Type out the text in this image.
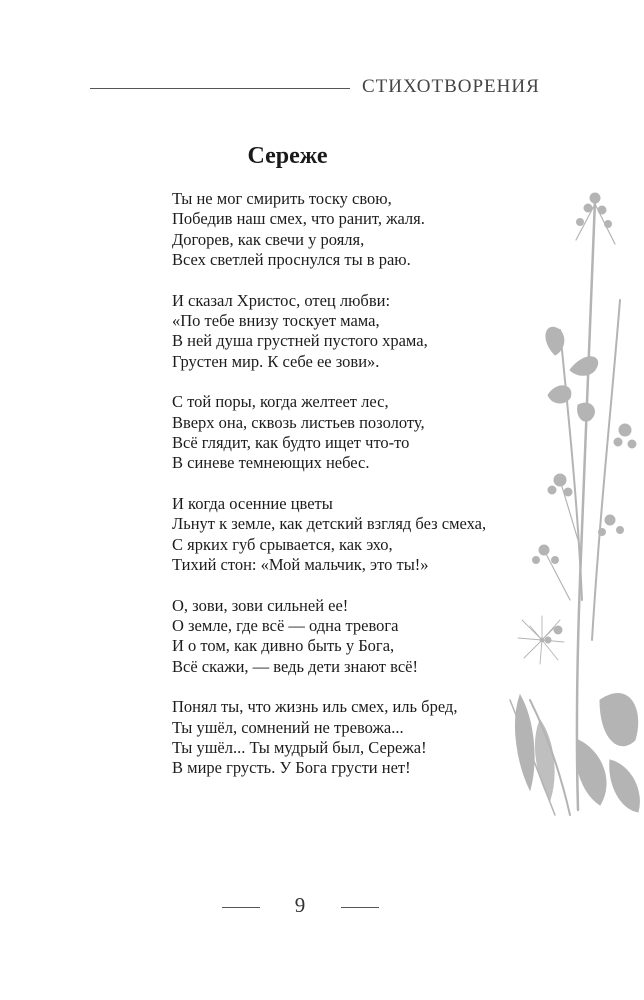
СТИХОТВОРЕНИЯ
Сереже
Ты не мог смирить тоску свою,
Победив наш смех, что ранит, жаля.
Догорев, как свечи у рояля,
Всех светлей проснулся ты в раю.
И сказал Христос, отец любви:
«По тебе внизу тоскует мама,
В ней душа грустней пустого храма,
Грустен мир. К себе ее зови».
С той поры, когда желтеет лес,
Вверх она, сквозь листьев позолоту,
Всё глядит, как будто ищет что-то
В синеве темнеющих небес.
И когда осенние цветы
Льнут к земле, как детский взгляд без смеха,
С ярких губ срывается, как эхо,
Тихий стон: «Мой мальчик, это ты!»
О, зови, зови сильней ее!
О земле, где всё — одна тревога
И о том, как дивно быть у Бога,
Всё скажи, — ведь дети знают всё!
Понял ты, что жизнь иль смех, иль бред,
Ты ушёл, сомнений не тревожа...
Ты ушёл... Ты мудрый был, Сережа!
В мире грусть. У Бога грусти нет!
9
